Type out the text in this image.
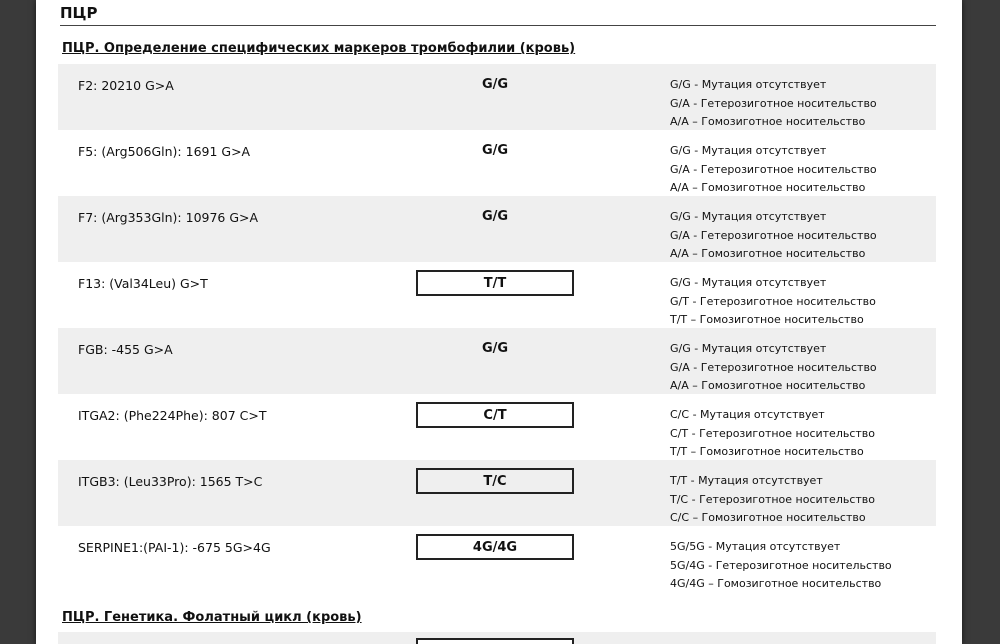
ПЦР
ПЦР. Определение специфических маркеров тромбофилии (кровь)
F2: 20210 G>A	G/G	G/G - Мутация отсутствует
G/A - Гетерозиготное носительство
A/A – Гомозиготное носительство
F5: (Arg506Gln): 1691 G>A	G/G	G/G - Мутация отсутствует
G/A - Гетерозиготное носительство
A/A – Гомозиготное носительство
F7: (Arg353Gln): 10976 G>A	G/G	G/G - Мутация отсутствует
G/A - Гетерозиготное носительство
A/A – Гомозиготное носительство
F13: (Val34Leu) G>T	T/T	G/G - Мутация отсутствует
G/T - Гетерозиготное носительство
T/T – Гомозиготное носительство
FGB: -455 G>A	G/G	G/G - Мутация отсутствует
G/A - Гетерозиготное носительство
A/A – Гомозиготное носительство
ITGA2: (Phe224Phe): 807 C>T	C/T	C/C - Мутация отсутствует
C/T - Гетерозиготное носительство
T/T – Гомозиготное носительство
ITGB3: (Leu33Pro): 1565 T>C	T/C	T/T - Мутация отсутствует
T/C - Гетерозиготное носительство
C/C – Гомозиготное носительство
SERPINE1:(PAI-1): -675 5G>4G	4G/4G	5G/5G - Мутация отсутствует
5G/4G - Гетерозиготное носительство
4G/4G – Гомозиготное носительство
ПЦР. Генетика. Фолатный цикл (кровь)
